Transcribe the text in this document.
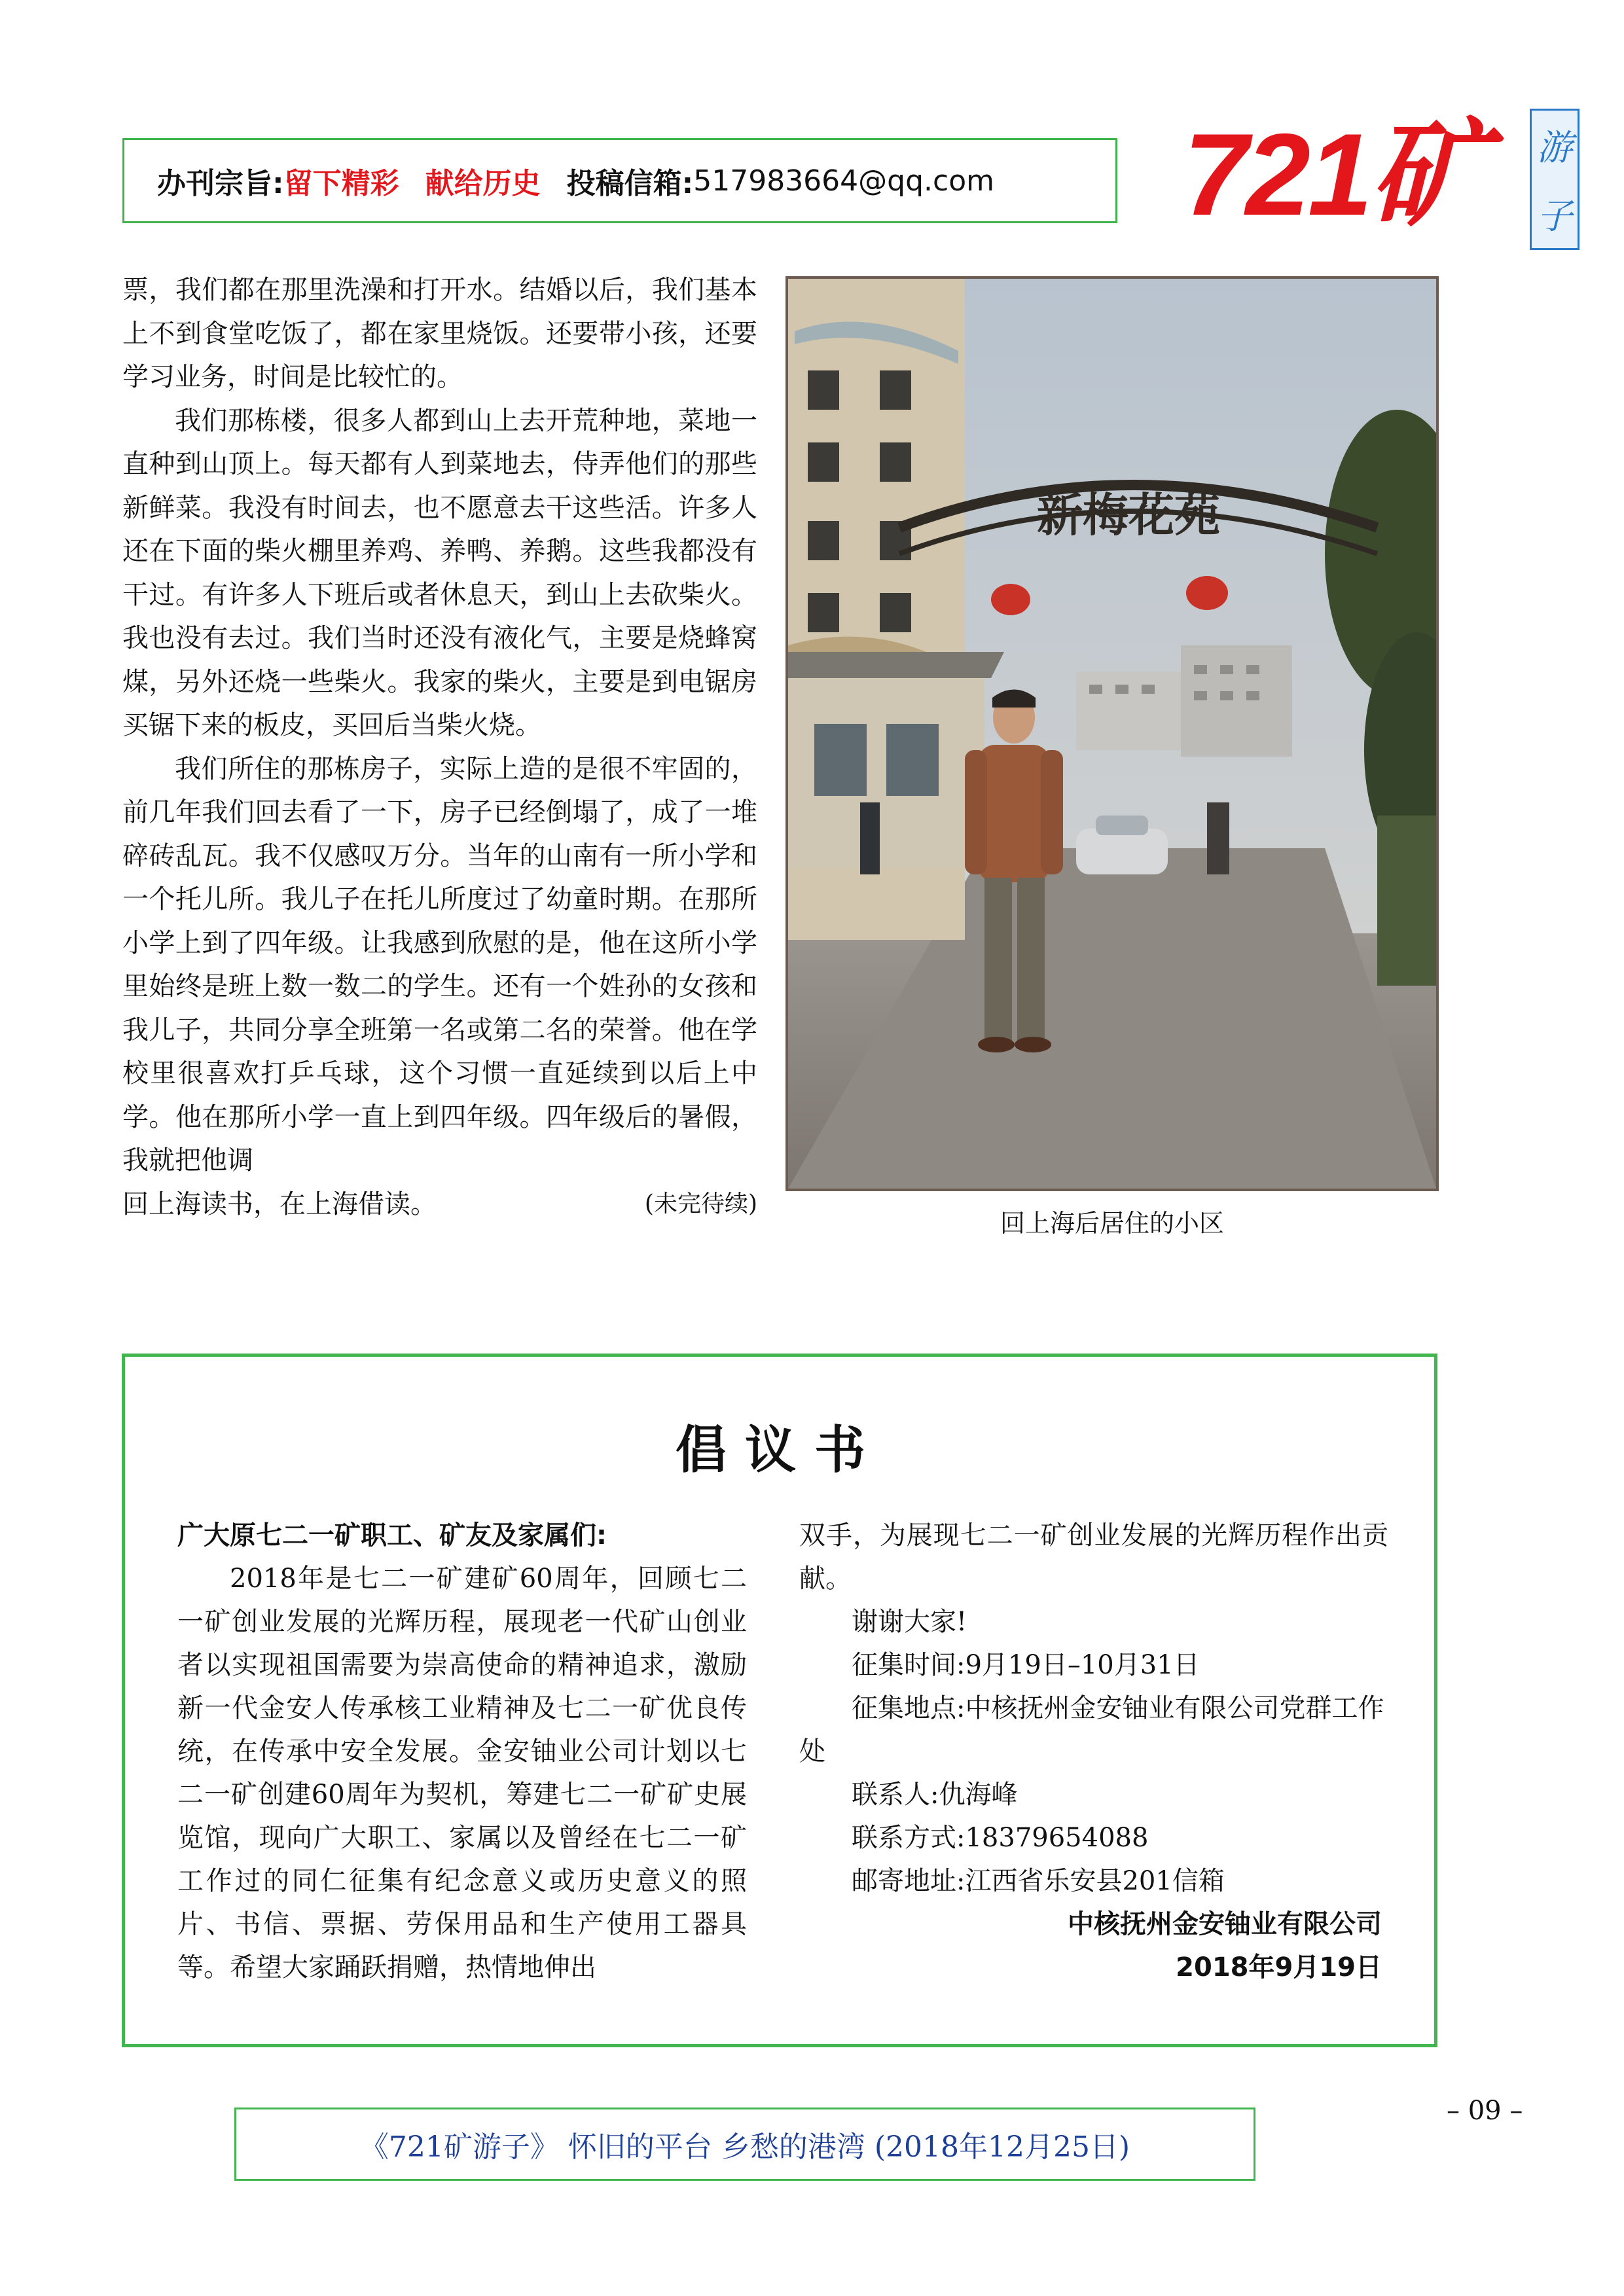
办刊宗旨: 留下精彩 献给历史 投稿信箱: 517983664@qq.com 721矿 游
子

票，我们都在那里洗澡和打开水。结婚以后，我们基本上不到食堂吃饭了，都在家里烧饭。还要带小孩，还要学习业务，时间是比较忙的。

我们那栋楼，很多人都到山上去开荒种地，菜地一直种到山顶上。每天都有人到菜地去，侍弄他们的那些新鲜菜。我没有时间去，也不愿意去干这些活。许多人还在下面的柴火棚里养鸡、养鸭、养鹅。这些我都没有干过。有许多人下班后或者休息天，到山上去砍柴火。我也没有去过。我们当时还没有液化气，主要是烧蜂窝煤，另外还烧一些柴火。我家的柴火，主要是到电锯房买锯下来的板皮，买回后当柴火烧。

我们所住的那栋房子，实际上造的是很不牢固的，前几年我们回去看了一下，房子已经倒塌了，成了一堆碎砖乱瓦。我不仅感叹万分。当年的山南有一所小学和一个托儿所。我儿子在托儿所度过了幼童时期。在那所小学上到了四年级。让我感到欣慰的是，他在这所小学里始终是班上数一数二的学生。还有一个姓孙的女孩和我儿子，共同分享全班第一名或第二名的荣誉。他在学校里很喜欢打乒乓球，这个习惯一直延续到以后上中学。他在那所小学一直上到四年级。四年级后的暑假，我就把他调

回上海读书，在上海借读。	(未完待续)

新梅花苑
回上海后居住的小区
倡议书

广大原七二一矿职工、矿友及家属们:

2018年是七二一矿建矿60周年，回顾七二一矿创业发展的光辉历程，展现老一代矿山创业者以实现祖国需要为崇高使命的精神追求，激励新一代金安人传承核工业精神及七二一矿优良传统，在传承中安全发展。金安铀业公司计划以七二一矿创建60周年为契机，筹建七二一矿矿史展览馆，现向广大职工、家属以及曾经在七二一矿工作过的同仁征集有纪念意义或历史意义的照片、书信、票据、劳保用品和生产使用工器具等。希望大家踊跃捐赠，热情地伸出

双手，为展现七二一矿创业发展的光辉历程作出贡献。

谢谢大家!

征集时间:9月19日–10月31日

征集地点:中核抚州金安铀业有限公司党群工作处

联系人:仇海峰

联系方式:18379654088

邮寄地址:江西省乐安县201信箱

中核抚州金安铀业有限公司

2018年9月19日

《721矿游子》 怀旧的平台 乡愁的港湾 (2018年12月25日)
– 09 –
